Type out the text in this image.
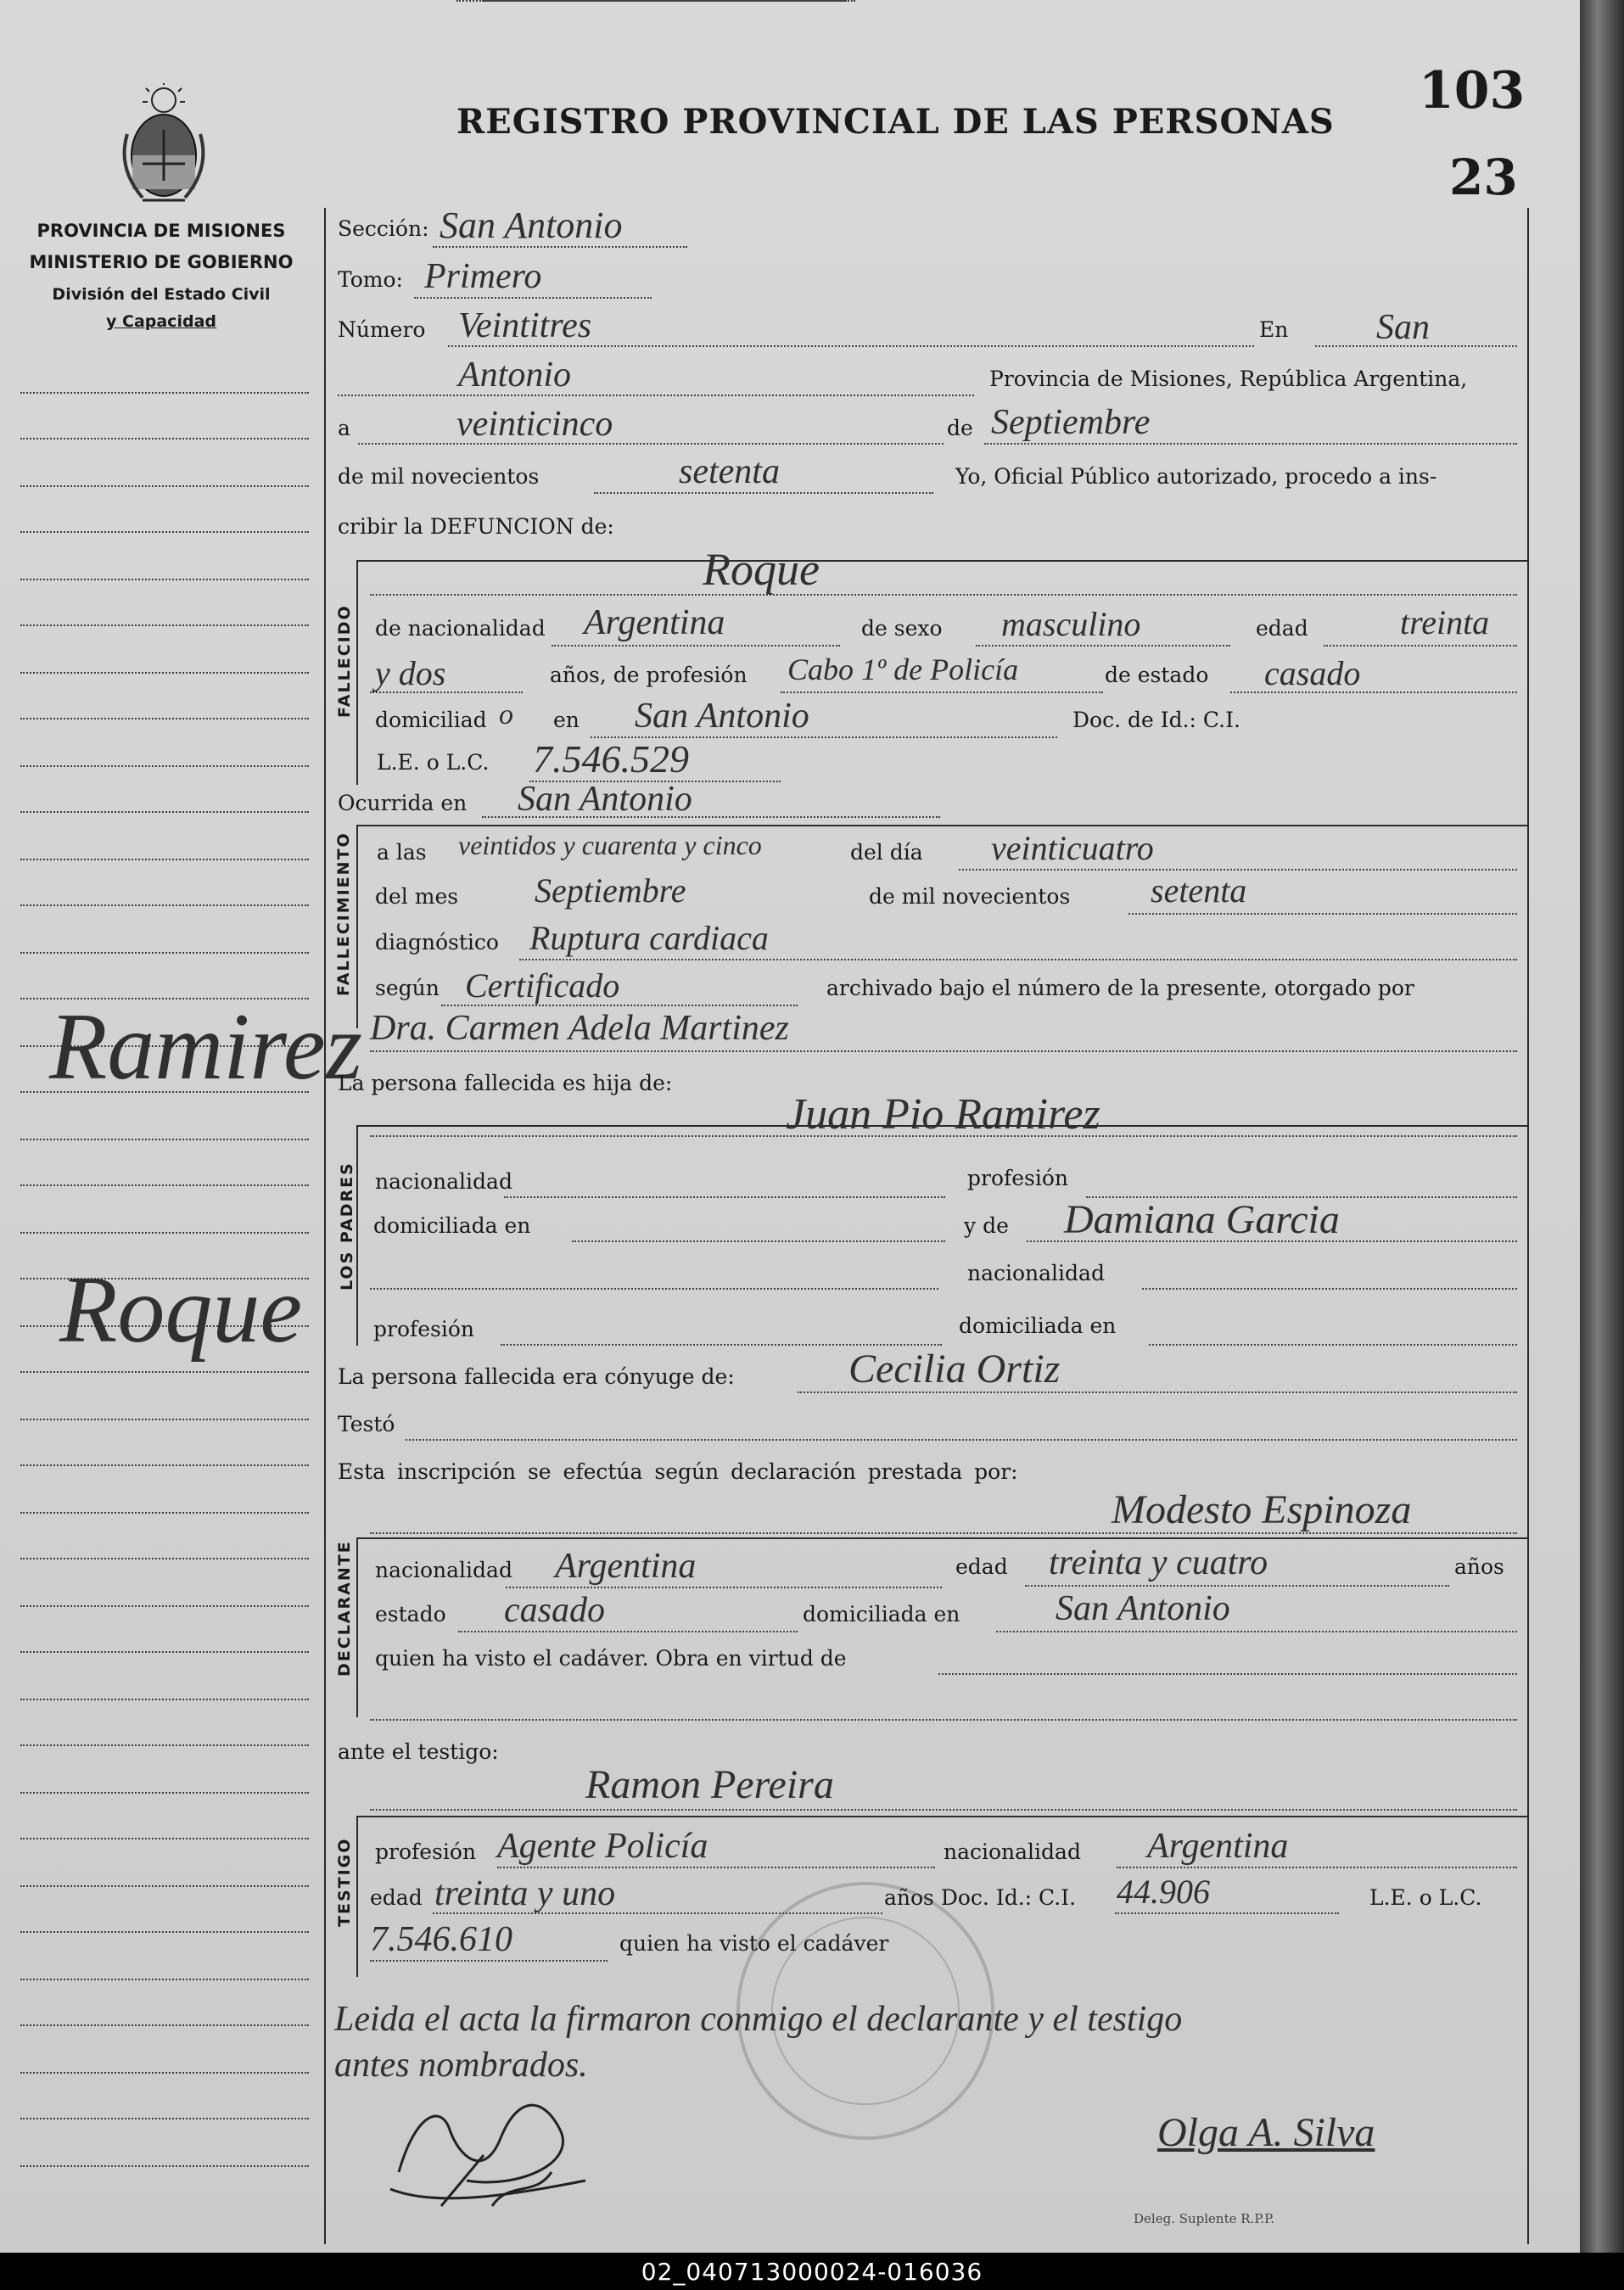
PROVINCIA DE MISIONES
MINISTERIO DE GOBIERNO
División del Estado Civil
y Capacidad
Ramirez
Roque
REGISTRO PROVINCIAL DE LAS PERSONAS
103
23
Sección: San Antonio
Tomo: Primero
Número Veintitres	En San
Antonio	Provincia de Misiones, República Argentina,
a	veinticinco	de Septiembre
de mil novecientos	setenta	Yo, Oficial Público autorizado, procedo a ins-
cribir la DEFUNCION de:
FALLECIDO
Roque
de nacionalidad Argentina	de sexo masculino	edad	treinta
y dos	años, de profesión Cabo 1º de Policía	de estado casado
domiciliad o en San Antonio	Doc. de Id.: C.I.
L.E. o L.C. 7.546.529
Ocurrida en San Antonio
FALLECIMIENTO a las veintidos y cuarenta y cinco	del día veinticuatro
del mes Septiembre	de mil novecientos setenta
diagnóstico Ruptura cardiaca
según Certificado	archivado bajo el número de la presente, otorgado por
Dra. Carmen Adela Martinez
La persona fallecida es hija de:
LOS PADRES
Juan Pio Ramirez
nacionalidad	profesión
domiciliada en	y de Damiana Garcia
nacionalidad
profesión	domiciliada en
La persona fallecida era cónyuge de:	Cecilia Ortiz
Testó
Esta inscripción se efectúa según declaración prestada por:
DECLARANTE
Modesto Espinoza
nacionalidad Argentina	edad treinta y cuatro	años
estado casado	domiciliada en	San Antonio
quien ha visto el cadáver. Obra en virtud de
ante el testigo:
TESTIGO
Ramon Pereira
profesión Agente Policía	nacionalidad Argentina
edad treinta y uno	años Doc. Id.: C.I. 44.906	L.E. o L.C.
7.546.610	quien ha visto el cadáver
Leida el acta la firmaron conmigo el declarante y el testigo
antes nombrados.
Olga A. Silva
Deleg. Suplente R.P.P.
02_040713000024-016036
